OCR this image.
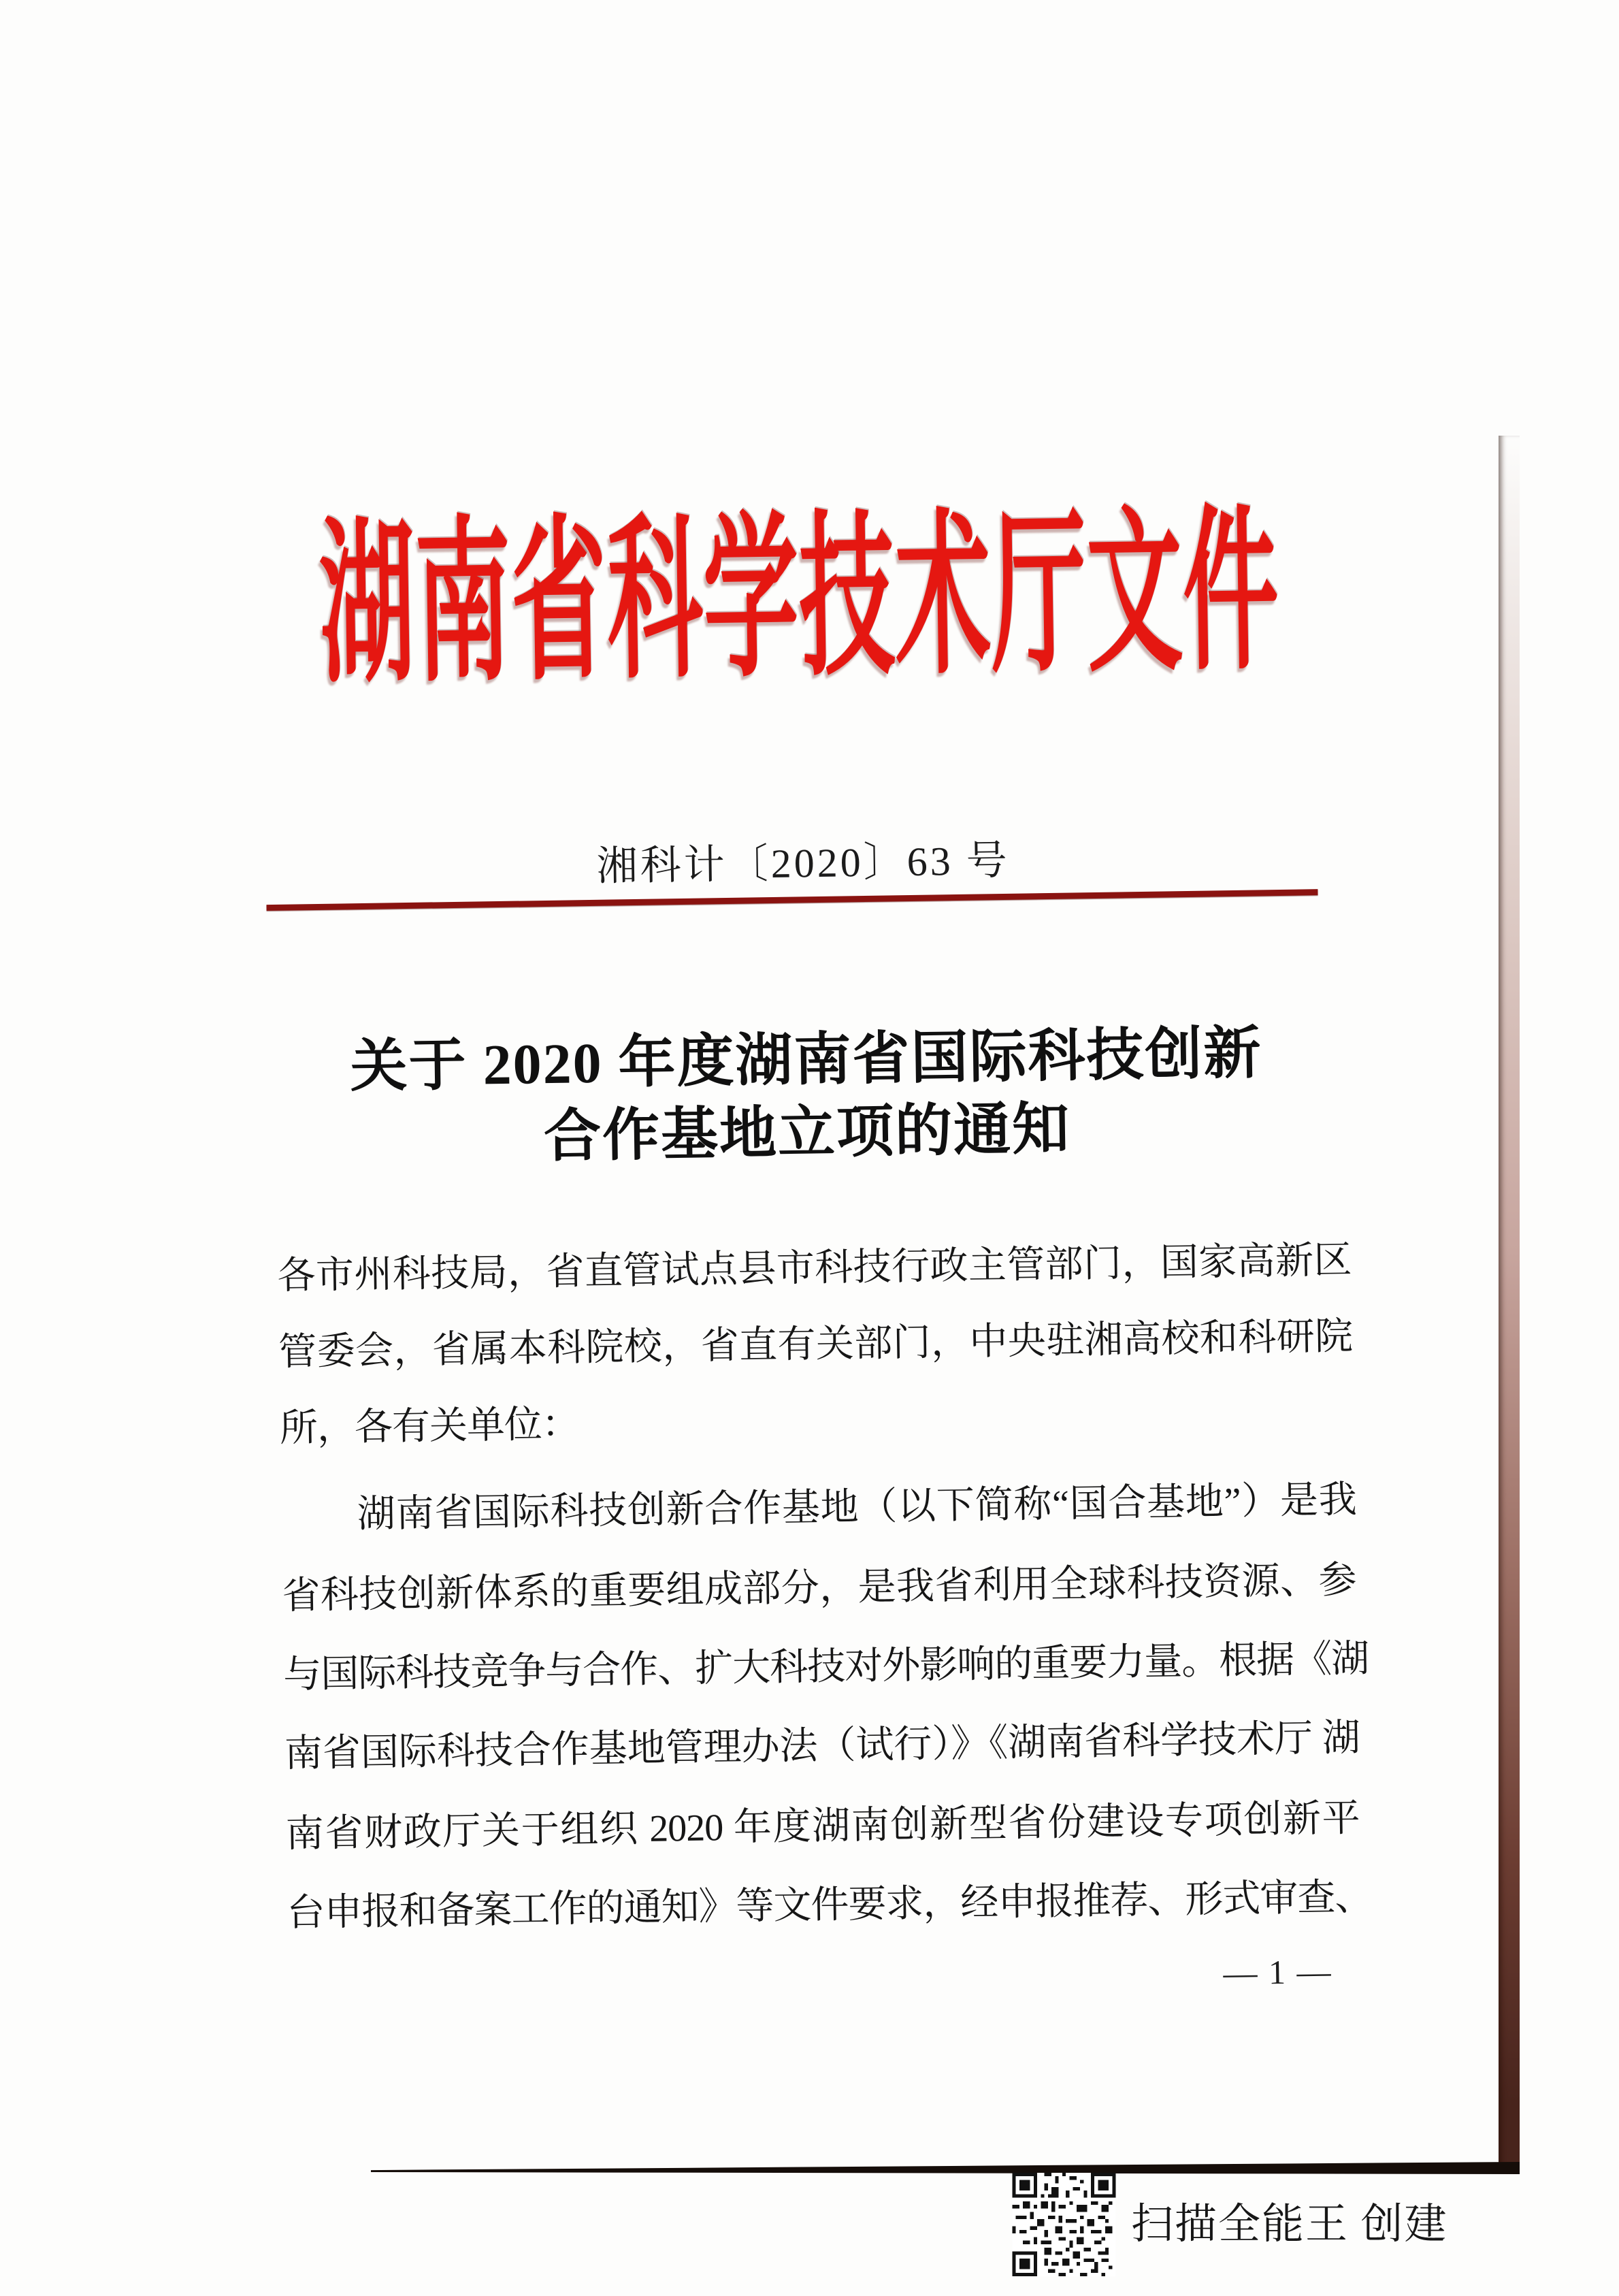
湖南省科学技术厅文件
湘科计〔2020〕63 号
关于 2020 年度湖南省国际科技创新
合作基地立项的通知
各市州科技局，省直管试点县市科技行政主管部门，国家高新区
管委会，省属本科院校，省直有关部门，中央驻湘高校和科研院
所，各有关单位：
湖南省国际科技创新合作基地（以下简称“国合基地”）是我
省科技创新体系的重要组成部分，是我省利用全球科技资源、参
与国际科技竞争与合作、扩大科技对外影响的重要力量。根据《湖
南省国际科技合作基地管理办法（试行）》《湖南省科学技术厅 湖
南省财政厅关于组织 2020 年度湖南创新型省份建设专项创新平
台申报和备案工作的通知》等文件要求，经申报推荐、形式审查、
— 1 —
扫描全能王 创建
